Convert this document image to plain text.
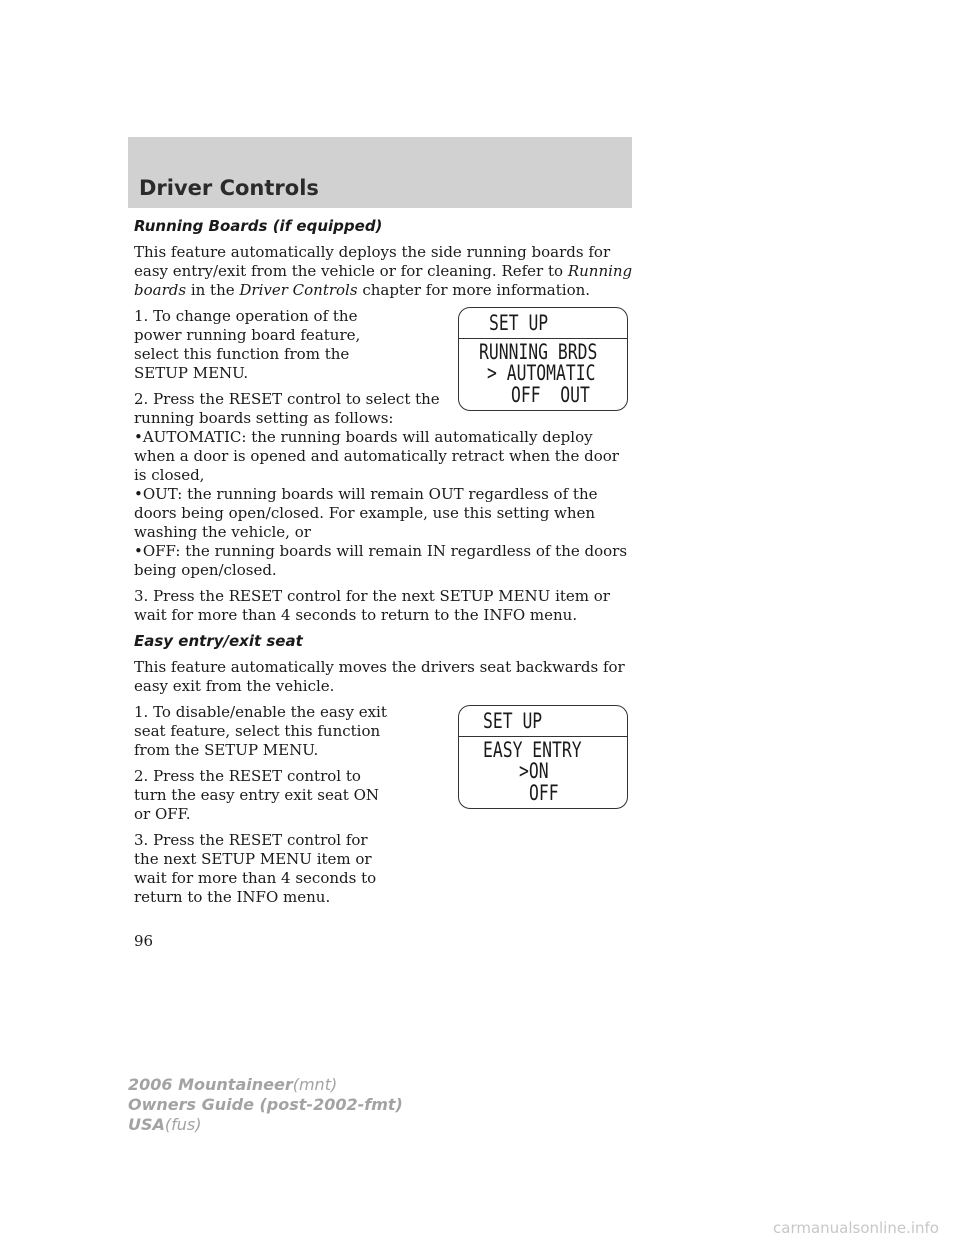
Driver Controls
Running Boards (if equipped)

This feature automatically deploys the side running boards for easy entry/exit from the vehicle or for cleaning. Refer to Running boards in the Driver Controls chapter for more information.

SET UP
RUNNING BRDS
> AUTOMATIC
OFF  OUT

1. To change operation of the power running board feature, select this function from the SETUP MENU.

2. Press the RESET control to select the running boards setting as follows:

•AUTOMATIC: the running boards will automatically deploy when a door is opened and automatically retract when the door is closed,
•OUT: the running boards will remain OUT regardless of the doors being open/closed. For example, use this setting when washing the vehicle, or

•OFF: the running boards will remain IN regardless of the doors being open/closed.

3. Press the RESET control for the next SETUP MENU item or wait for more than 4 seconds to return to the INFO menu.

Easy entry/exit seat

This feature automatically moves the drivers seat backwards for easy exit from the vehicle.

SET UP
EASY ENTRY
>ON
OFF

1. To disable/enable the easy exit seat feature, select this function from the SETUP MENU.

2. Press the RESET control to turn the easy entry exit seat ON or OFF.

3. Press the RESET control for the next SETUP MENU item or wait for more than 4 seconds to return to the INFO menu.

96
2006 Mountaineer(mnt)
Owners Guide (post-2002-fmt)
USA(fus)
carmanualsonline.info
